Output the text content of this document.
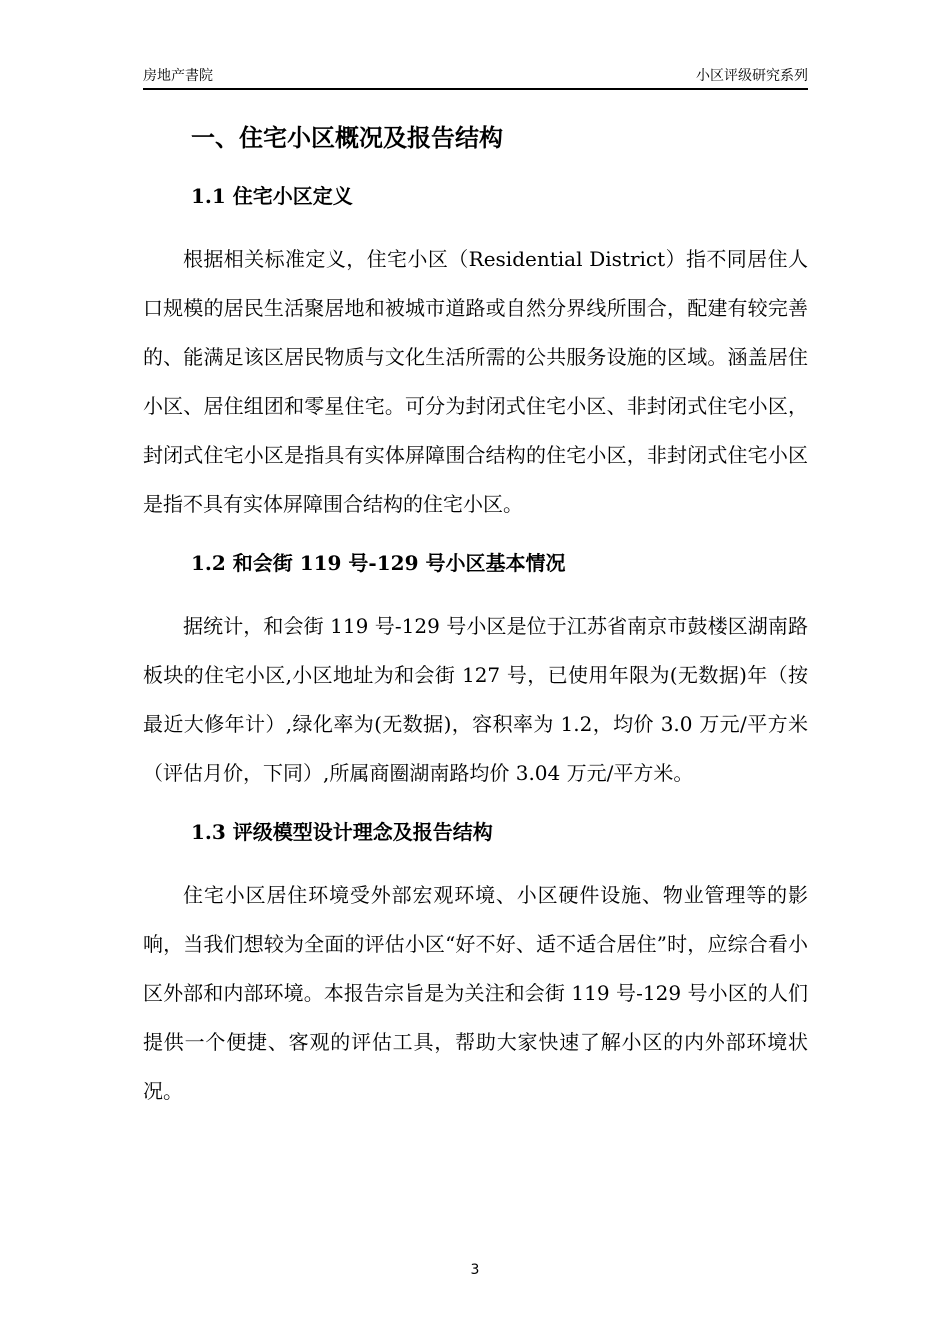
房地产書院	小区评级研究系列
一、住宅小区概况及报告结构
1.1 住宅小区定义

根据相关标准定义，住宅小区（Residential District）指不同居住人口规模的居民生活聚居地和被城市道路或自然分界线所围合，配建有较完善的、能满足该区居民物质与文化生活所需的公共服务设施的区域。涵盖居住小区、居住组团和零星住宅。可分为封闭式住宅小区、非封闭式住宅小区，封闭式住宅小区是指具有实体屏障围合结构的住宅小区，非封闭式住宅小区是指不具有实体屏障围合结构的住宅小区。

1.2 和会街 119 号-129 号小区基本情况

据统计，和会街 119 号-129 号小区是位于江苏省南京市鼓楼区湖南路板块的住宅小区,小区地址为和会街 127 号，已使用年限为(无数据)年（按最近大修年计）,绿化率为(无数据)，容积率为 1.2，均价 3.0 万元/平方米（评估月价，下同）,所属商圈湖南路均价 3.04 万元/平方米。

1.3 评级模型设计理念及报告结构

住宅小区居住环境受外部宏观环境、小区硬件设施、物业管理等的影响，当我们想较为全面的评估小区“好不好、适不适合居住”时，应综合看小区外部和内部环境。本报告宗旨是为关注和会街 119 号-129 号小区的人们提供一个便捷、客观的评估工具，帮助大家快速了解小区的内外部环境状况。

3
